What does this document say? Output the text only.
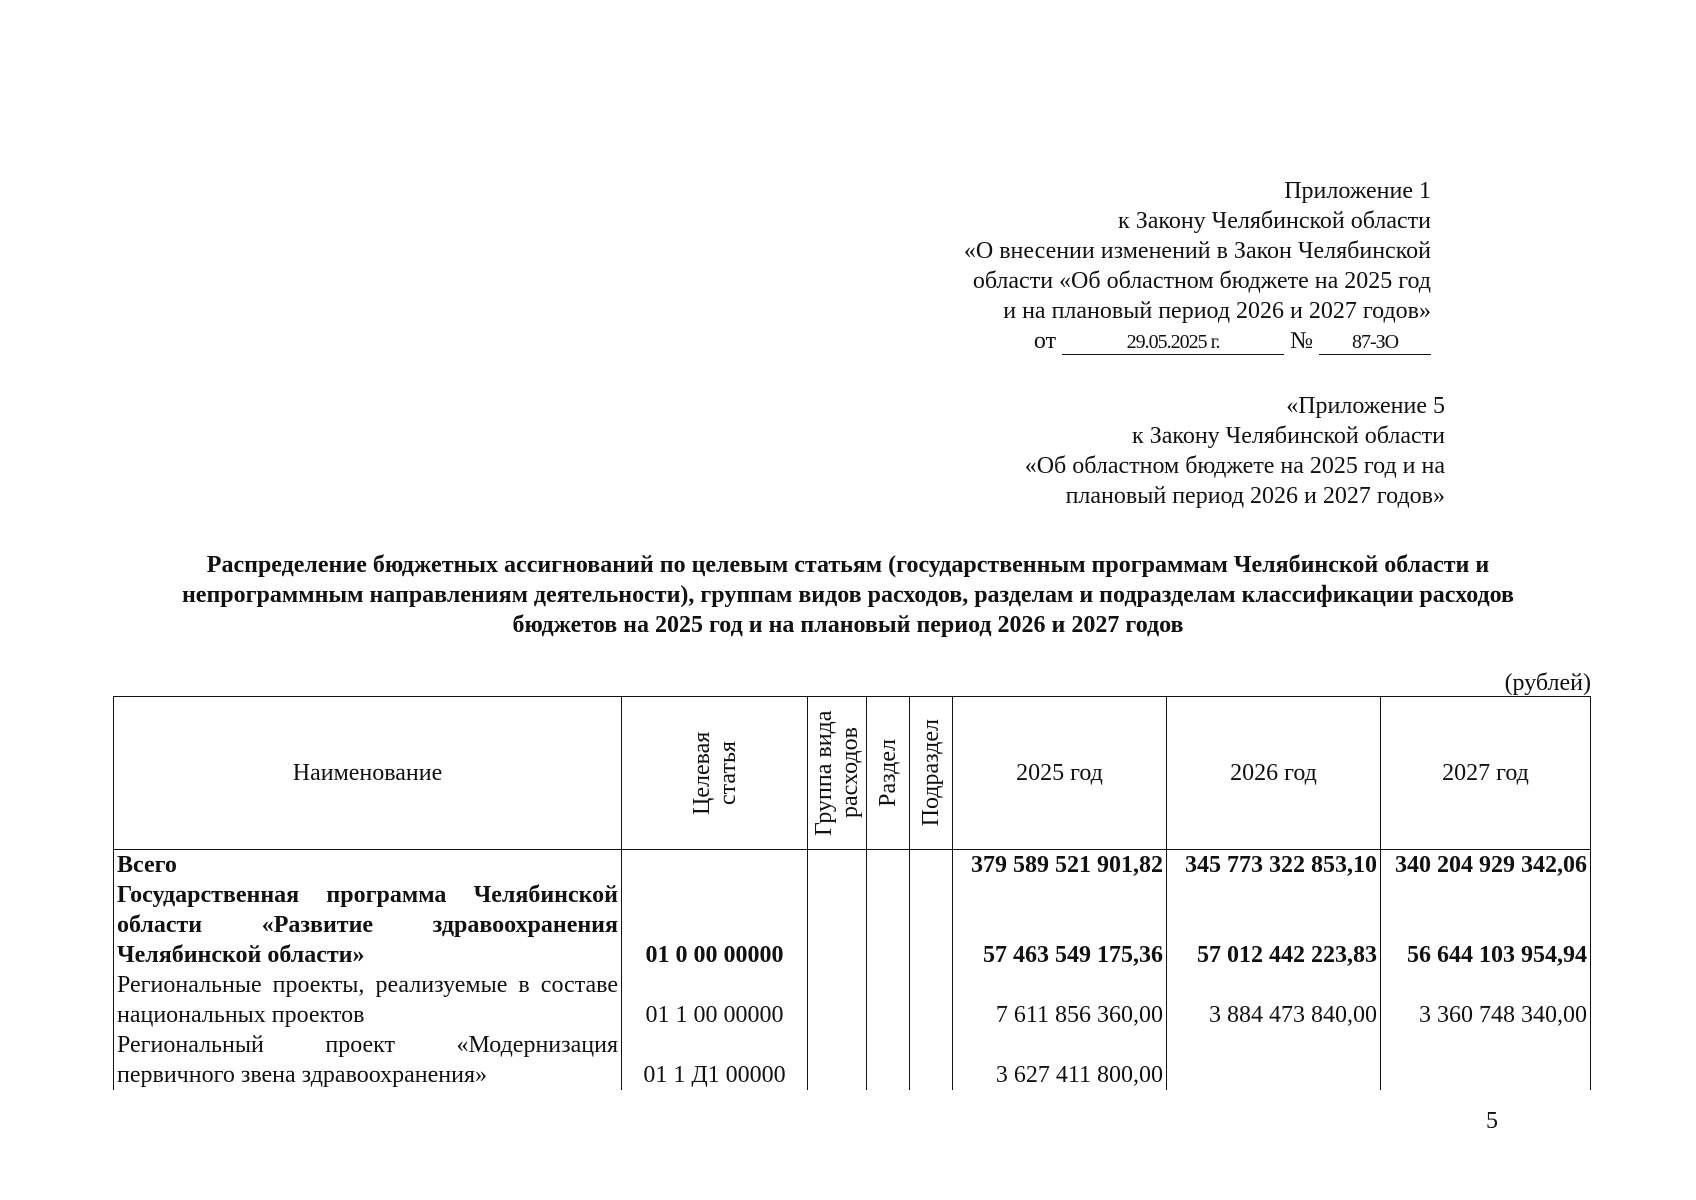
Приложение 1
к Закону Челябинской области
«О внесении изменений в Закон Челябинской
области «Об областном бюджете на 2025 год
и на плановый период 2026 и 2027 годов»
от	29.05.2025 г.	№ 87-ЗО
«Приложение 5
к Закону Челябинской области
«Об областном бюджете на 2025 год и на
плановый период 2026 и 2027 годов»
Распределение бюджетных ассигнований по целевым статьям (государственным программам Челябинской области и
непрограммным направлениям деятельности), группам видов расходов, разделам и подразделам классификации расходов
бюджетов на 2025 год и на плановый период 2026 и 2027 годов
(рублей)
Наименование	Целевая статья	Группа вида расходов	Раздел	Подраздел	2025 год	2026 год	2027 год
Всего					379 589 521 901,82	345 773 322 853,10	340 204 929 342,06
Государственная программа Челябинской области «Развитие здравоохранения Челябинской области»	01 0 00 00000				57 463 549 175,36	57 012 442 223,83	56 644 103 954,94
Региональные проекты, реализуемые в составе национальных проектов	01 1 00 00000				7 611 856 360,00	3 884 473 840,00	3 360 748 340,00
Региональный проект «Модернизация первичного звена здравоохранения»	01 1 Д1 00000				3 627 411 800,00		
5
